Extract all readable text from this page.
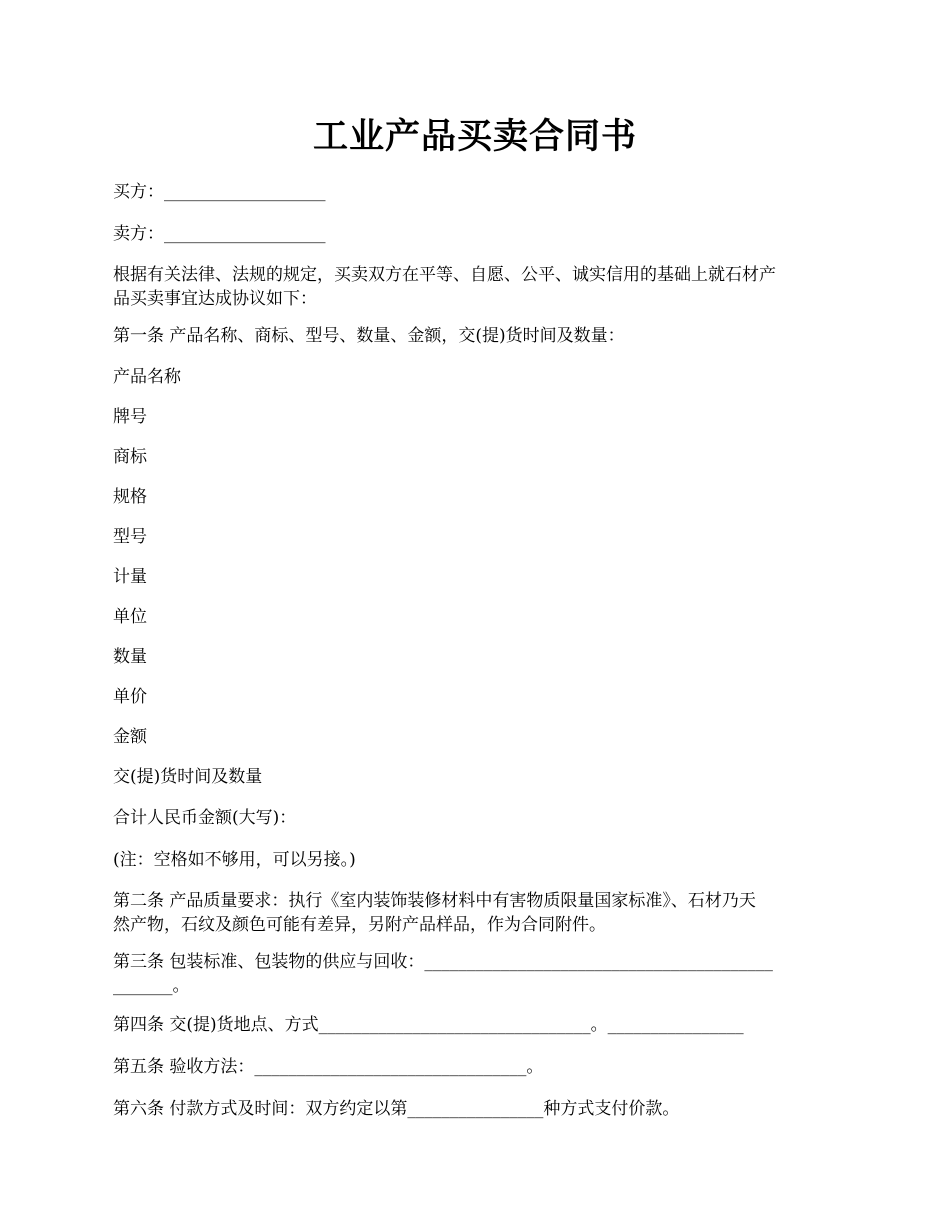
工业产品买卖合同书

买方：___________________

卖方：___________________

根据有关法律、法规的规定，买卖双方在平等、自愿、公平、诚实信用的基础上就石材产
品买卖事宜达成协议如下：

第一条 产品名称、商标、型号、数量、金额，交(提)货时间及数量：

产品名称

牌号

商标

规格

型号

计量

单位

数量

单价

金额

交(提)货时间及数量

合计人民币金额(大写)：

(注：空格如不够用，可以另接。)

第二条 产品质量要求：执行《室内装饰装修材料中有害物质限量国家标准》、石材乃天
然产物，石纹及颜色可能有差异，另附产品样品，作为合同附件。

第三条 包装标准、包装物的供应与回收：_________________________________________
_______。

第四条 交(提)货地点、方式________________________________。________________

第五条 验收方法：________________________________。

第六条 付款方式及时间：双方约定以第________________种方式支付价款。
